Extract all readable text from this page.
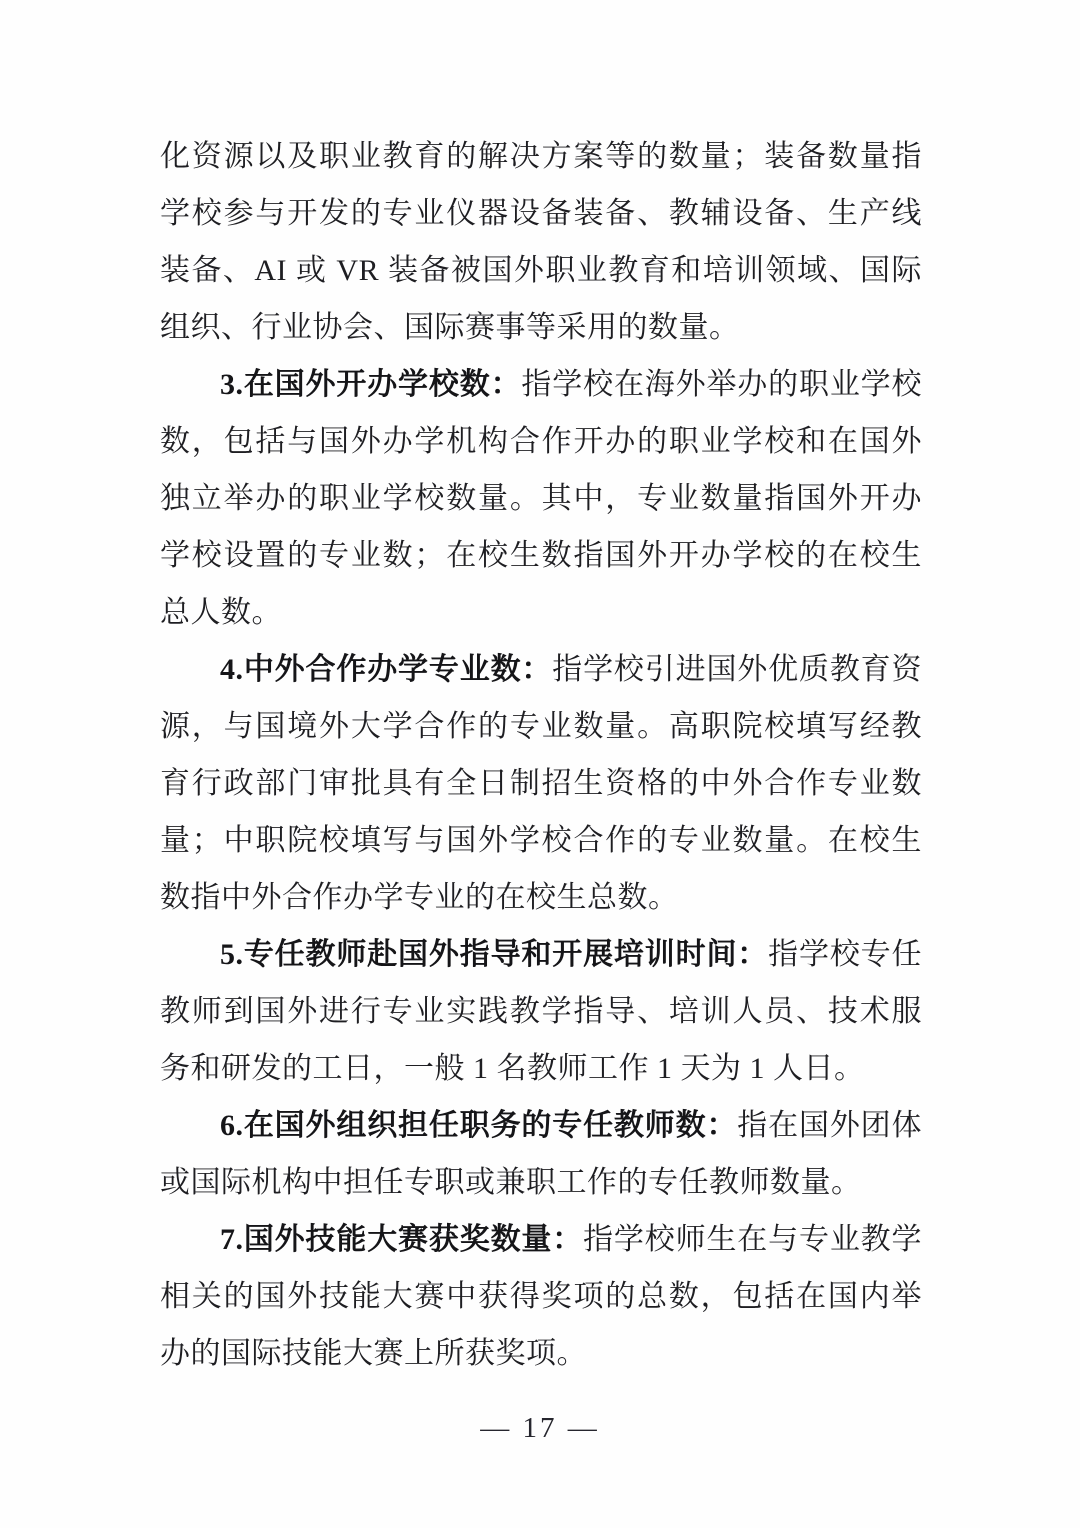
化资源以及职业教育的解决方案等的数量；装备数量指学校参与开发的专业仪器设备装备、教辅设备、生产线装备、AI 或 VR 装备被国外职业教育和培训领域、国际组织、行业协会、国际赛事等采用的数量。

3.在国外开办学校数：指学校在海外举办的职业学校数，包括与国外办学机构合作开办的职业学校和在国外独立举办的职业学校数量。其中，专业数量指国外开办学校设置的专业数；在校生数指国外开办学校的在校生总人数。

4.中外合作办学专业数：指学校引进国外优质教育资源，与国境外大学合作的专业数量。高职院校填写经教育行政部门审批具有全日制招生资格的中外合作专业数量；中职院校填写与国外学校合作的专业数量。在校生数指中外合作办学专业的在校生总数。

5.专任教师赴国外指导和开展培训时间：指学校专任教师到国外进行专业实践教学指导、培训人员、技术服务和研发的工日，一般 1 名教师工作 1 天为 1 人日。

6.在国外组织担任职务的专任教师数：指在国外团体或国际机构中担任专职或兼职工作的专任教师数量。

7.国外技能大赛获奖数量：指学校师生在与专业教学相关的国外技能大赛中获得奖项的总数，包括在国内举办的国际技能大赛上所获奖项。

— 17 —
